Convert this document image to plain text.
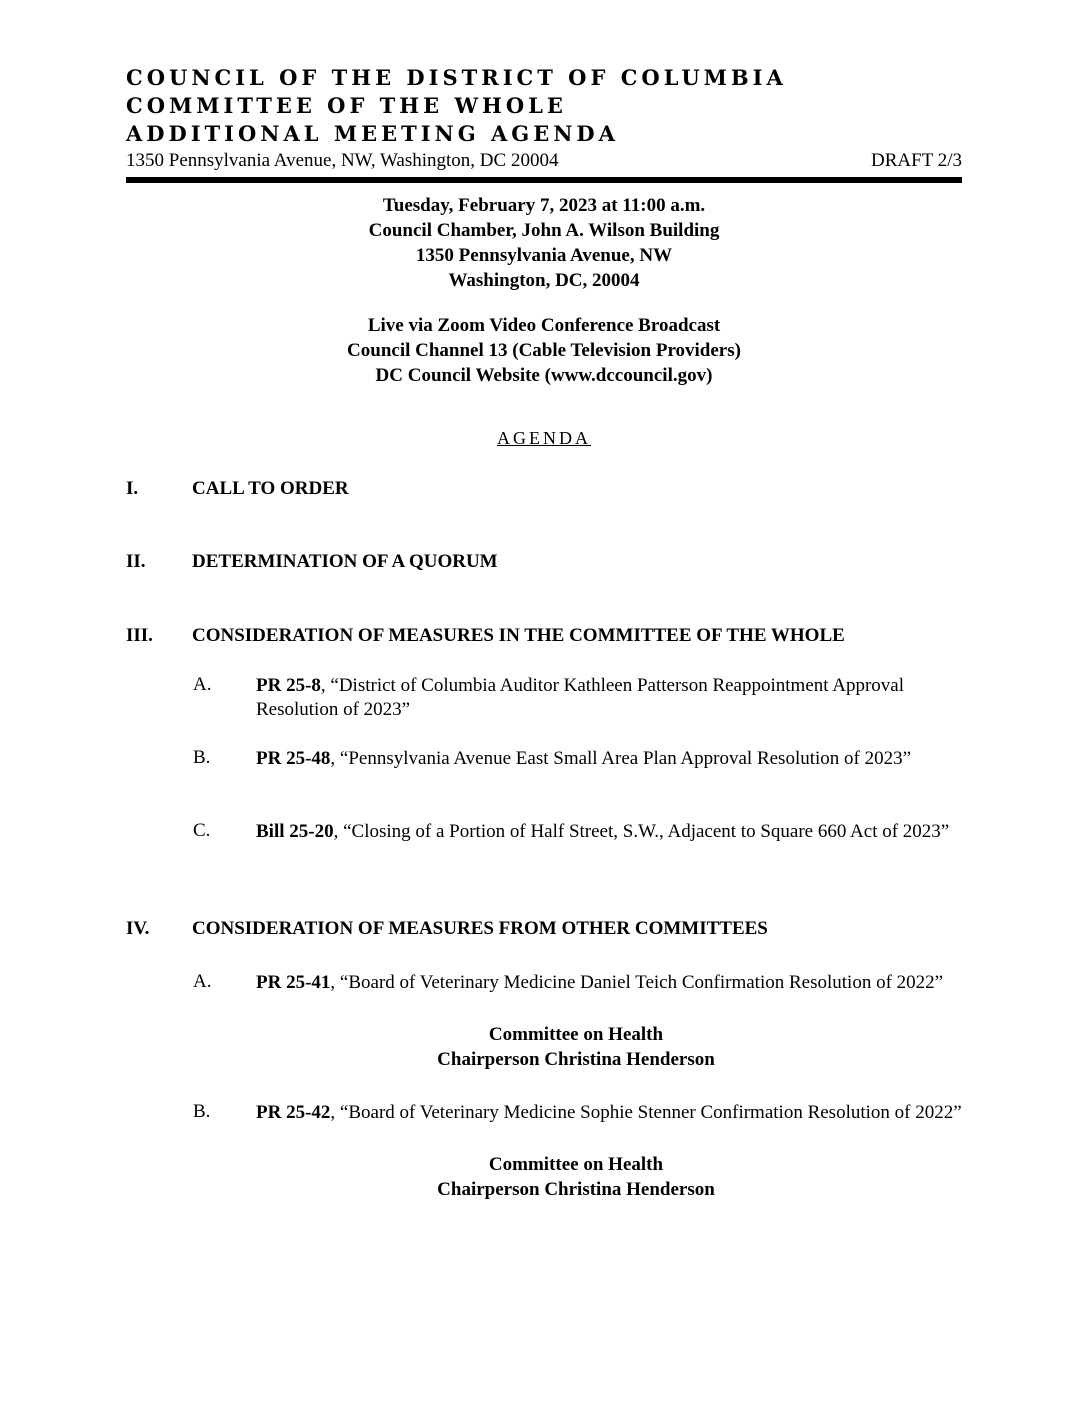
COUNCIL OF THE DISTRICT OF COLUMBIA
COMMITTEE OF THE WHOLE
ADDITIONAL MEETING AGENDA
1350 Pennsylvania Avenue, NW, Washington, DC 20004	DRAFT 2/3
Tuesday, February 7, 2023 at 11:00 a.m.
Council Chamber, John A. Wilson Building
1350 Pennsylvania Avenue, NW
Washington, DC, 20004
Live via Zoom Video Conference Broadcast
Council Channel 13 (Cable Television Providers)
DC Council Website (www.dccouncil.gov)
AGENDA
I.	CALL TO ORDER
II. DETERMINATION OF A QUORUM
III. CONSIDERATION OF MEASURES IN THE COMMITTEE OF THE WHOLE
A. PR 25-8, “District of Columbia Auditor Kathleen Patterson Reappointment Approval Resolution of 2023”
B. PR 25-48, “Pennsylvania Avenue East Small Area Plan Approval Resolution of 2023”
C. Bill 25-20, “Closing of a Portion of Half Street, S.W., Adjacent to Square 660 Act of 2023”
IV. CONSIDERATION OF MEASURES FROM OTHER COMMITTEES
A. PR 25-41, “Board of Veterinary Medicine Daniel Teich Confirmation Resolution of 2022”
Committee on Health
Chairperson Christina Henderson
B. PR 25-42, “Board of Veterinary Medicine Sophie Stenner Confirmation Resolution of 2022”
Committee on Health
Chairperson Christina Henderson
